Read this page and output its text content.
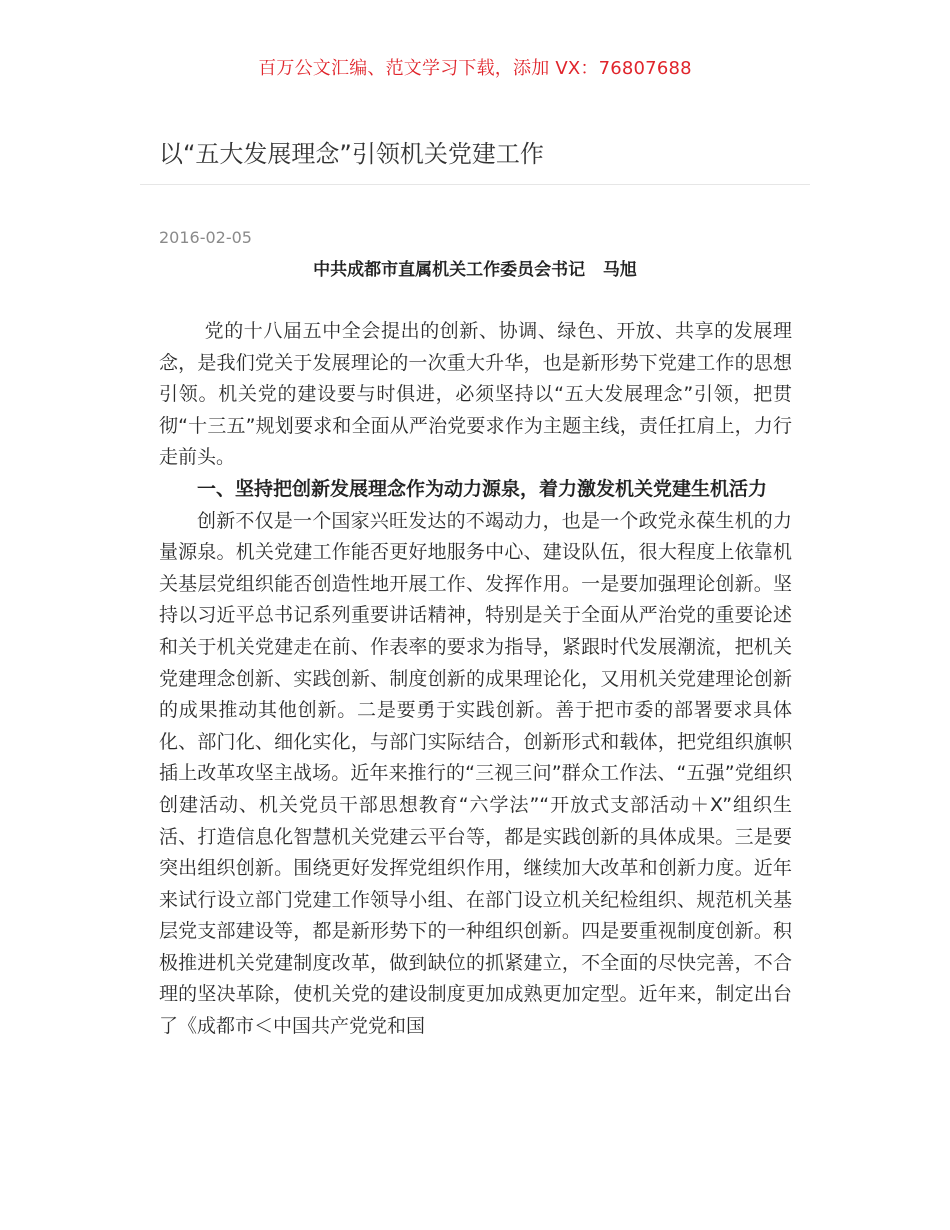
百万公文汇编、范文学习下载，添加 VX：76807688
以“五大发展理念”引领机关党建工作
2016-02-05
中共成都市直属机关工作委员会书记   马旭

党的十八届五中全会提出的创新、协调、绿色、开放、共享的发展理念，是我们党关于发展理论的一次重大升华，也是新形势下党建工作的思想引领。机关党的建设要与时俱进，必须坚持以“五大发展理念”引领，把贯彻“十三五”规划要求和全面从严治党要求作为主题主线，责任扛肩上，力行走前头。

一、坚持把创新发展理念作为动力源泉，着力激发机关党建生机活力

创新不仅是一个国家兴旺发达的不竭动力，也是一个政党永葆生机的力量源泉。机关党建工作能否更好地服务中心、建设队伍，很大程度上依靠机关基层党组织能否创造性地开展工作、发挥作用。一是要加强理论创新。坚持以习近平总书记系列重要讲话精神，特别是关于全面从严治党的重要论述和关于机关党建走在前、作表率的要求为指导，紧跟时代发展潮流，把机关党建理念创新、实践创新、制度创新的成果理论化，又用机关党建理论创新的成果推动其他创新。二是要勇于实践创新。善于把市委的部署要求具体化、部门化、细化实化，与部门实际结合，创新形式和载体，把党组织旗帜插上改革攻坚主战场。近年来推行的“三视三问”群众工作法、“五强”党组织创建活动、机关党员干部思想教育“六学法”“开放式支部活动＋X”组织生活、打造信息化智慧机关党建云平台等，都是实践创新的具体成果。三是要突出组织创新。围绕更好发挥党组织作用，继续加大改革和创新力度。近年来试行设立部门党建工作领导小组、在部门设立机关纪检组织、规范机关基层党支部建设等，都是新形势下的一种组织创新。四是要重视制度创新。积极推进机关党建制度改革，做到缺位的抓紧建立，不全面的尽快完善，不合理的坚决革除，使机关党的建设制度更加成熟更加定型。近年来，制定出台了《成都市＜中国共产党党和国
